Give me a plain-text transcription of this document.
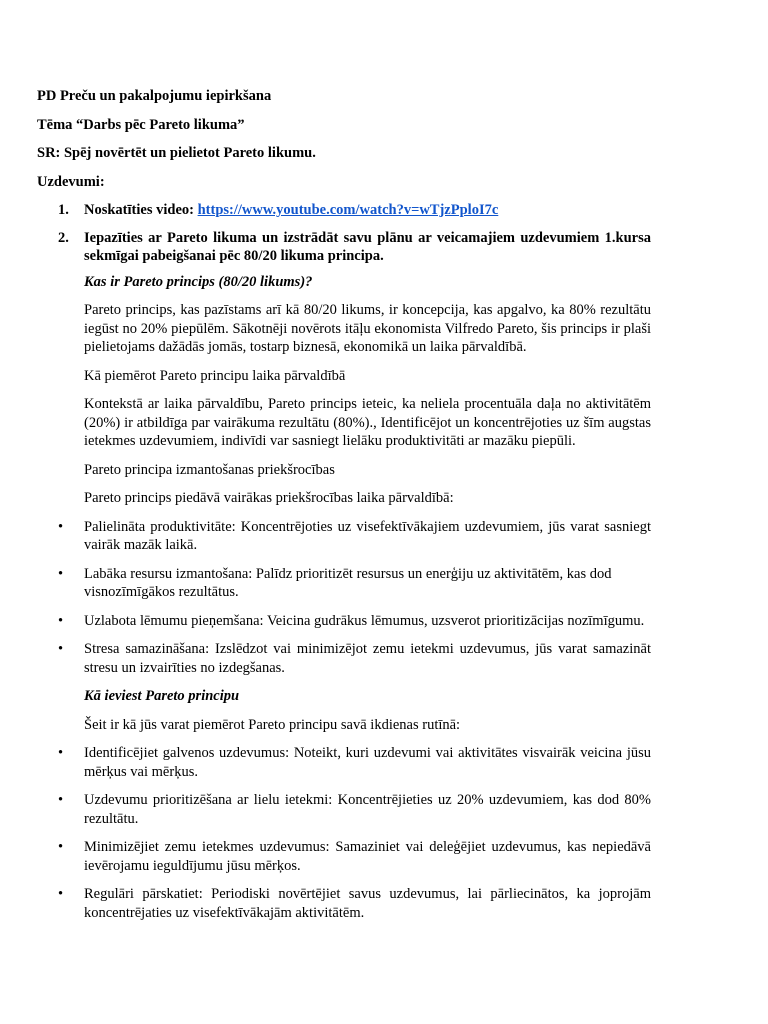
PD Preču un pakalpojumu iepirkšana

Tēma “Darbs pēc Pareto likuma”

SR: Spēj novērtēt un pielietot Pareto likumu.

Uzdevumi:

1. Noskatīties video: https://www.youtube.com/watch?v=wTjzPploI7c

2. Iepazīties ar Pareto likuma un izstrādāt savu plānu ar veicamajiem uzdevumiem 1.kursa sekmīgai pabeigšanai pēc 80/20 likuma principa.

Kas ir Pareto princips (80/20 likums)?

Pareto princips, kas pazīstams arī kā 80/20 likums, ir koncepcija, kas apgalvo, ka 80% rezultātu iegūst no 20% piepūlēm. Sākotnēji novērots itāļu ekonomista Vilfredo Pareto, šis princips ir plaši pielietojams dažādās jomās, tostarp biznesā, ekonomikā un laika pārvaldībā.

Kā piemērot Pareto principu laika pārvaldībā

Kontekstā ar laika pārvaldību, Pareto princips ieteic, ka neliela procentuāla daļa no aktivitātēm (20%) ir atbildīga par vairākuma rezultātu (80%)., Identificējot un koncentrējoties uz šīm augstas ietekmes uzdevumiem, indivīdi var sasniegt lielāku produktivitāti ar mazāku piepūli.

Pareto principa izmantošanas priekšrocības

Pareto princips piedāvā vairākas priekšrocības laika pārvaldībā:

• Palielināta produktivitāte: Koncentrējoties uz visefektīvākajiem uzdevumiem, jūs varat sasniegt vairāk mazāk laikā.

• Labāka resursu izmantošana: Palīdz prioritizēt resursus un enerģiju uz aktivitātēm, kas dod visnozīmīgākos rezultātus.

• Uzlabota lēmumu pieņemšana: Veicina gudrākus lēmumus, uzsverot prioritizācijas nozīmīgumu.

• Stresa samazināšana: Izslēdzot vai minimizējot zemu ietekmi uzdevumus, jūs varat samazināt stresu un izvairīties no izdegšanas.

Kā ieviest Pareto principu

Šeit ir kā jūs varat piemērot Pareto principu savā ikdienas rutīnā:

• Identificējiet galvenos uzdevumus: Noteikt, kuri uzdevumi vai aktivitātes visvairāk veicina jūsu mērķus vai mērķus.

• Uzdevumu prioritizēšana ar lielu ietekmi: Koncentrējieties uz 20% uzdevumiem, kas dod 80% rezultātu.

• Minimizējiet zemu ietekmes uzdevumus: Samaziniet vai deleģējiet uzdevumus, kas nepiedāvā ievērojamu ieguldījumu jūsu mērķos.

• Regulāri pārskatiet: Periodiski novērtējiet savus uzdevumus, lai pārliecinātos, ka joprojām koncentrējaties uz visefektīvākajām aktivitātēm.
